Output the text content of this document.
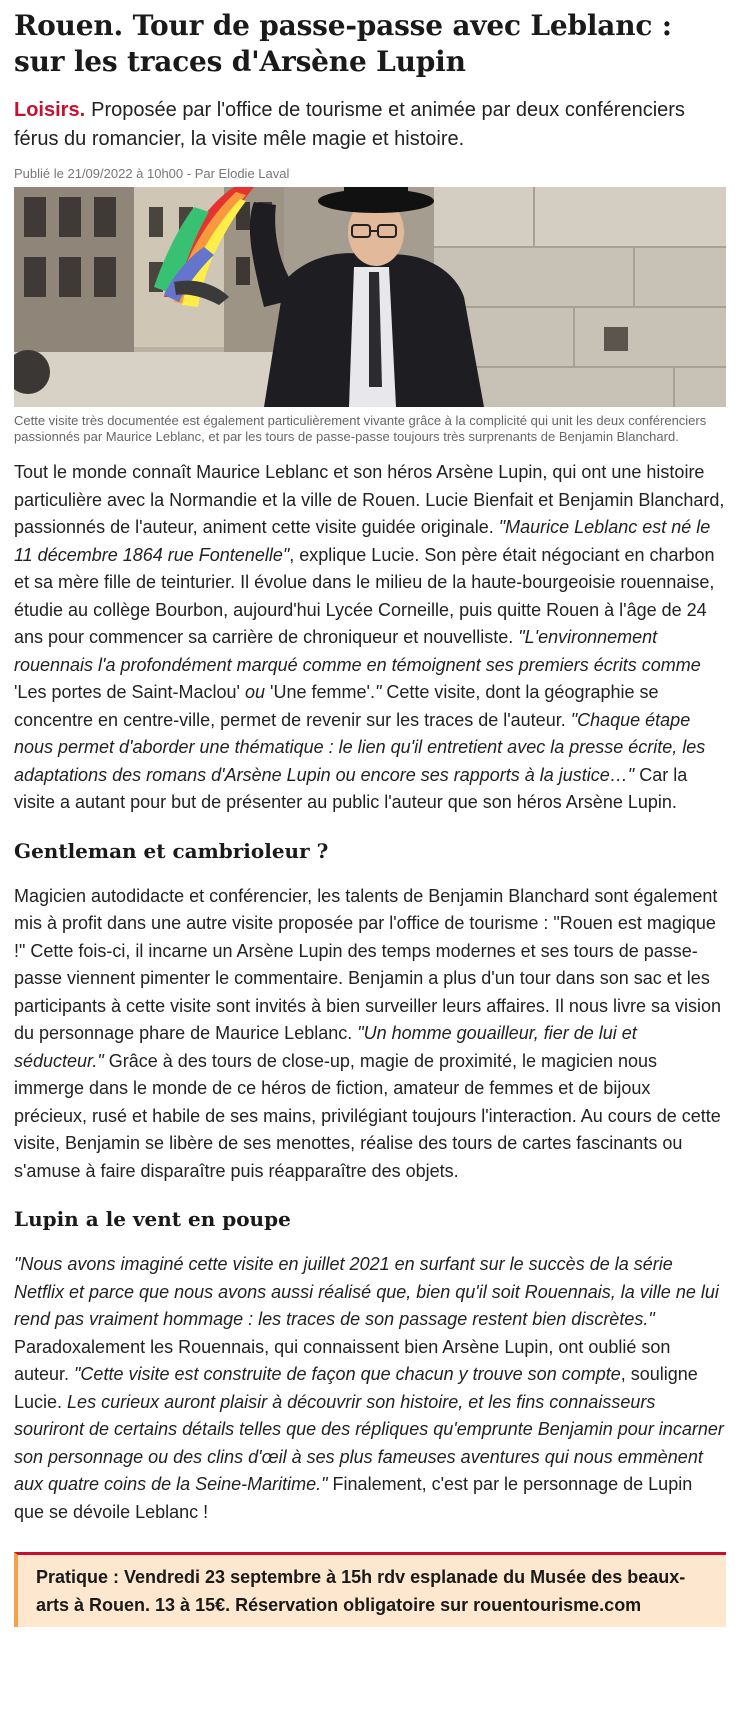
Rouen. Tour de passe-passe avec Leblanc : sur les traces d'Arsène Lupin

Loisirs. Proposée par l'office de tourisme et animée par deux conférenciers férus du romancier, la visite mêle magie et histoire.

Publié le 21/09/2022 à 10h00 - Par Elodie Laval

Cette visite très documentée est également particulièrement vivante grâce à la complicité qui unit les deux conférenciers passionnés par Maurice Leblanc, et par les tours de passe-passe toujours très surprenants de Benjamin Blanchard.

Tout le monde connaît Maurice Leblanc et son héros Arsène Lupin, qui ont une histoire particulière avec la Normandie et la ville de Rouen. Lucie Bienfait et Benjamin Blanchard, passionnés de l'auteur, animent cette visite guidée originale. "Maurice Leblanc est né le 11 décembre 1864 rue Fontenelle", explique Lucie. Son père était négociant en charbon et sa mère fille de teinturier. Il évolue dans le milieu de la haute-bourgeoisie rouennaise, étudie au collège Bourbon, aujourd'hui Lycée Corneille, puis quitte Rouen à l'âge de 24 ans pour commencer sa carrière de chroniqueur et nouvelliste. "L'environnement rouennais l'a profondément marqué comme en témoignent ses premiers écrits comme 'Les portes de Saint-Maclou' ou 'Une femme'." Cette visite, dont la géographie se concentre en centre-ville, permet de revenir sur les traces de l'auteur. "Chaque étape nous permet d'aborder une thématique : le lien qu'il entretient avec la presse écrite, les adaptations des romans d'Arsène Lupin ou encore ses rapports à la justice…" Car la visite a autant pour but de présenter au public l'auteur que son héros Arsène Lupin.

Gentleman et cambrioleur ?

Magicien autodidacte et conférencier, les talents de Benjamin Blanchard sont également mis à profit dans une autre visite proposée par l'office de tourisme : "Rouen est magique !" Cette fois-ci, il incarne un Arsène Lupin des temps modernes et ses tours de passe-passe viennent pimenter le commentaire. Benjamin a plus d'un tour dans son sac et les participants à cette visite sont invités à bien surveiller leurs affaires. Il nous livre sa vision du personnage phare de Maurice Leblanc. "Un homme gouailleur, fier de lui et séducteur." Grâce à des tours de close-up, magie de proximité, le magicien nous immerge dans le monde de ce héros de fiction, amateur de femmes et de bijoux précieux, rusé et habile de ses mains, privilégiant toujours l'interaction. Au cours de cette visite, Benjamin se libère de ses menottes, réalise des tours de cartes fascinants ou s'amuse à faire disparaître puis réapparaître des objets.

Lupin a le vent en poupe

"Nous avons imaginé cette visite en juillet 2021 en surfant sur le succès de la série Netflix et parce que nous avons aussi réalisé que, bien qu'il soit Rouennais, la ville ne lui rend pas vraiment hommage : les traces de son passage restent bien discrètes." Paradoxalement les Rouennais, qui connaissent bien Arsène Lupin, ont oublié son auteur. "Cette visite est construite de façon que chacun y trouve son compte, souligne Lucie. Les curieux auront plaisir à découvrir son histoire, et les fins connaisseurs souriront de certains détails telles que des répliques qu'emprunte Benjamin pour incarner son personnage ou des clins d'œil à ses plus fameuses aventures qui nous emmènent aux quatre coins de la Seine-Maritime." Finalement, c'est par le personnage de Lupin que se dévoile Leblanc !

Pratique : Vendredi 23 septembre à 15h rdv esplanade du Musée des beaux-arts à Rouen. 13 à 15€. Réservation obligatoire sur rouentourisme.com
